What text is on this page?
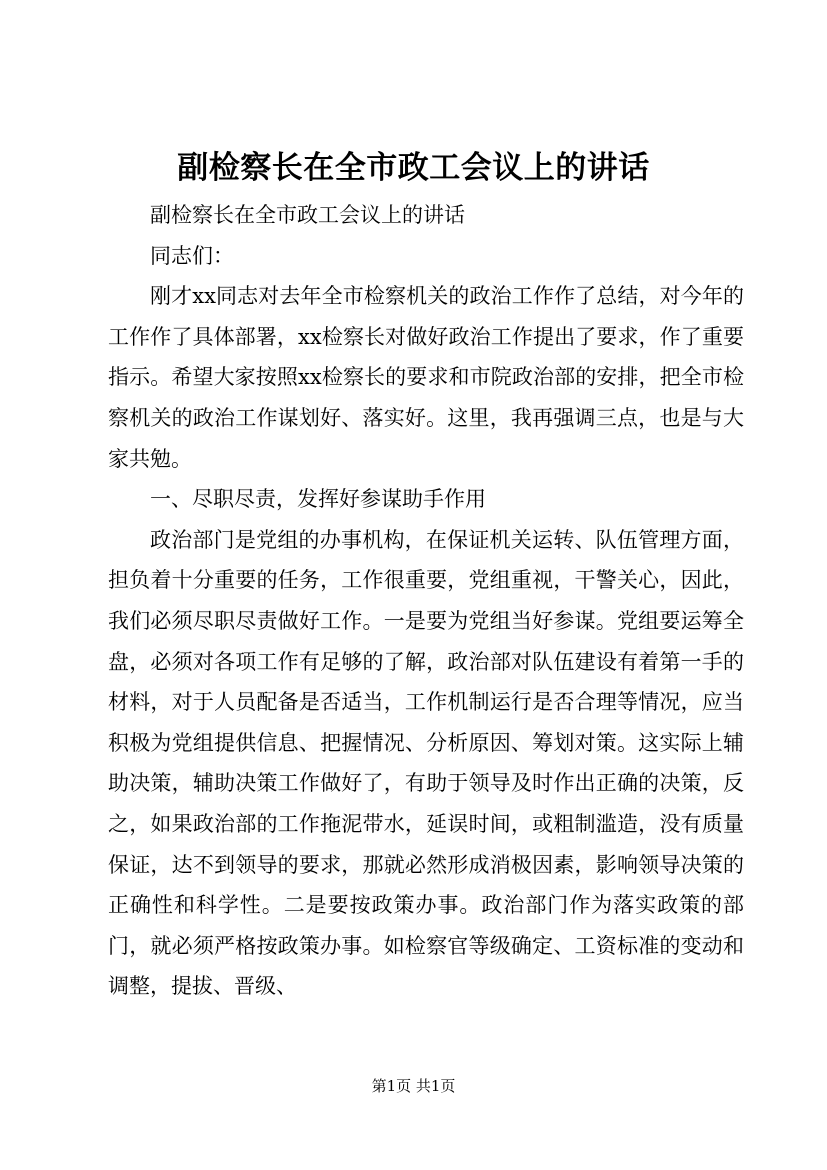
副检察长在全市政工会议上的讲话

副检察长在全市政工会议上的讲话

同志们：

刚才xx同志对去年全市检察机关的政治工作作了总结，对今年的工作作了具体部署，xx检察长对做好政治工作提出了要求，作了重要指示。希望大家按照xx检察长的要求和市院政治部的安排，把全市检察机关的政治工作谋划好、落实好。这里，我再强调三点，也是与大家共勉。

一、尽职尽责，发挥好参谋助手作用

政治部门是党组的办事机构，在保证机关运转、队伍管理方面，担负着十分重要的任务，工作很重要，党组重视，干警关心，因此，我们必须尽职尽责做好工作。一是要为党组当好参谋。党组要运筹全盘，必须对各项工作有足够的了解，政治部对队伍建设有着第一手的材料，对于人员配备是否适当，工作机制运行是否合理等情况，应当积极为党组提供信息、把握情况、分析原因、筹划对策。这实际上辅助决策，辅助决策工作做好了，有助于领导及时作出正确的决策，反之，如果政治部的工作拖泥带水，延误时间，或粗制滥造，没有质量保证，达不到领导的要求，那就必然形成消极因素，影响领导决策的正确性和科学性。二是要按政策办事。政治部门作为落实政策的部门，就必须严格按政策办事。如检察官等级确定、工资标准的变动和调整，提拔、晋级、

第1页 共1页
